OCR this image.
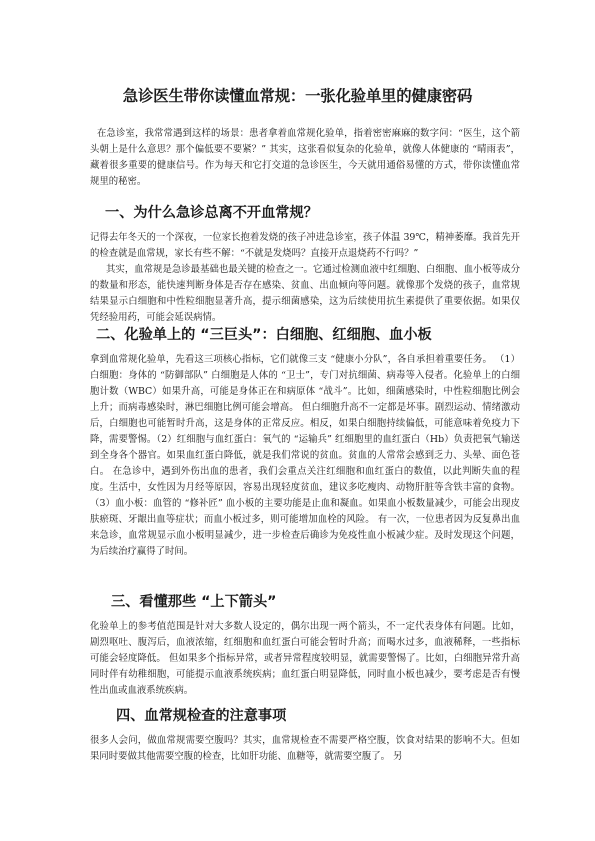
急诊医生带你读懂血常规：一张化验单里的健康密码

在急诊室，我常常遇到这样的场景：患者拿着血常规化验单，指着密密麻麻的数字问：“医生，这个箭头朝上是什么意思？那个偏低要不要紧？” 其实，这张看似复杂的化验单，就像人体健康的 “晴雨表”，藏着很多重要的健康信号。作为每天和它打交道的急诊医生，今天就用通俗易懂的方式，带你读懂血常规里的秘密。

一、为什么急诊总离不开血常规？

记得去年冬天的一个深夜，一位家长抱着发烧的孩子冲进急诊室，孩子体温 39℃，精神萎靡。我首先开的检查就是血常规，家长有些不解：“不就是发烧吗？直接开点退烧药不行吗？”

其实，血常规是急诊最基础也最关键的检查之一。它通过检测血液中红细胞、白细胞、血小板等成分的数量和形态，能快速判断身体是否存在感染、贫血、出血倾向等问题。就像那个发烧的孩子，血常规结果显示白细胞和中性粒细胞显著升高，提示细菌感染，这为后续使用抗生素提供了重要依据。如果仅凭经验用药，可能会延误病情。

二、化验单上的 “三巨头”：白细胞、红细胞、血小板

拿到血常规化验单，先看这三项核心指标，它们就像三支 “健康小分队”，各自承担着重要任务。 （1）白细胞：身体的 “防御部队” 白细胞是人体的 “卫士”，专门对抗细菌、病毒等入侵者。化验单上的白细胞计数（WBC）如果升高，可能是身体正在和病原体 “战斗”。比如，细菌感染时，中性粒细胞比例会上升；而病毒感染时，淋巴细胞比例可能会增高。 但白细胞升高不一定都是坏事。剧烈运动、情绪激动后，白细胞也可能暂时升高，这是身体的正常反应。相反，如果白细胞持续偏低，可能意味着免疫力下降，需要警惕。（2）红细胞与血红蛋白：氧气的 “运输兵” 红细胞里的血红蛋白（Hb）负责把氧气输送到全身各个器官。如果血红蛋白降低，就是我们常说的贫血。贫血的人常常会感到乏力、头晕、面色苍白。 在急诊中，遇到外伤出血的患者，我们会重点关注红细胞和血红蛋白的数值，以此判断失血的程度。生活中，女性因为月经等原因，容易出现轻度贫血，建议多吃瘦肉、动物肝脏等含铁丰富的食物。 （3）血小板：血管的 “修补匠” 血小板的主要功能是止血和凝血。如果血小板数量减少，可能会出现皮肤瘀斑、牙龈出血等症状；而血小板过多，则可能增加血栓的风险。 有一次，一位患者因为反复鼻出血来急诊，血常规显示血小板明显减少，进一步检查后确诊为免疫性血小板减少症。及时发现这个问题，为后续治疗赢得了时间。

三、看懂那些 “上下箭头”

化验单上的参考值范围是针对大多数人设定的，偶尔出现一两个箭头，不一定代表身体有问题。比如，剧烈呕吐、腹泻后，血液浓缩，红细胞和血红蛋白可能会暂时升高；而喝水过多，血液稀释，一些指标可能会轻度降低。 但如果多个指标异常，或者异常程度较明显，就需要警惕了。比如，白细胞异常升高同时伴有幼稚细胞，可能提示血液系统疾病；血红蛋白明显降低，同时血小板也减少，要考虑是否有慢性出血或血液系统疾病。

四、血常规检查的注意事项

很多人会问，做血常规需要空腹吗？其实，血常规检查不需要严格空腹，饮食对结果的影响不大。但如果同时要做其他需要空腹的检查，比如肝功能、血糖等，就需要空腹了。 另
